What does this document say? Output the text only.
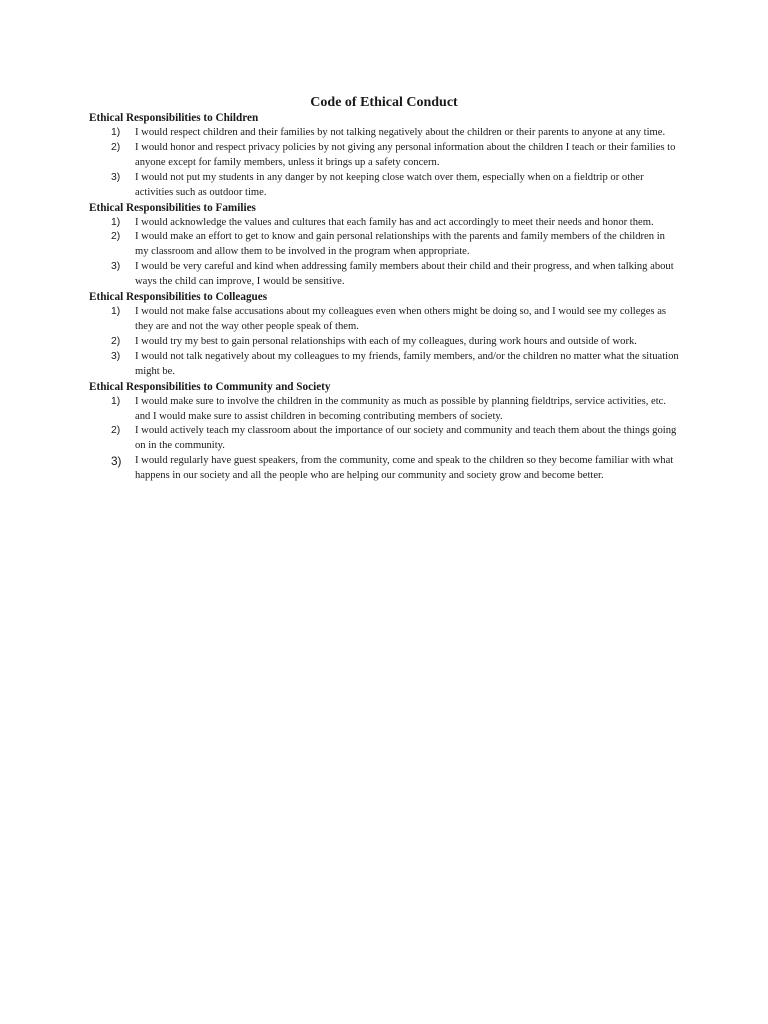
Code of Ethical Conduct
Ethical Responsibilities to Children
1) I would respect children and their families by not talking negatively about the children or their parents to anyone at any time.
2) I would honor and respect privacy policies by not giving any personal information about the children I teach or their families to anyone except for family members, unless it brings up a safety concern.
3) I would not put my students in any danger by not keeping close watch over them, especially when on a fieldtrip or other activities such as outdoor time.
Ethical Responsibilities to Families
1) I would acknowledge the values and cultures that each family has and act accordingly to meet their needs and honor them.
2) I would make an effort to get to know and gain personal relationships with the parents and family members of the children in my classroom and allow them to be involved in the program when appropriate.
3) I would be very careful and kind when addressing family members about their child and their progress, and when talking about ways the child can improve, I would be sensitive.
Ethical Responsibilities to Colleagues
1) I would not make false accusations about my colleagues even when others might be doing so, and I would see my colleges as they are and not the way other people speak of them.
2) I would try my best to gain personal relationships with each of my colleagues, during work hours and outside of work.
3) I would not talk negatively about my colleagues to my friends, family members, and/or the children no matter what the situation might be.
Ethical Responsibilities to Community and Society
1) I would make sure to involve the children in the community as much as possible by planning fieldtrips, service activities, etc. and I would make sure to assist children in becoming contributing members of society.
2) I would actively teach my classroom about the importance of our society and community and teach them about the things going on in the community.
3) I would regularly have guest speakers, from the community, come and speak to the children so they become familiar with what happens in our society and all the people who are helping our community and society grow and become better.
